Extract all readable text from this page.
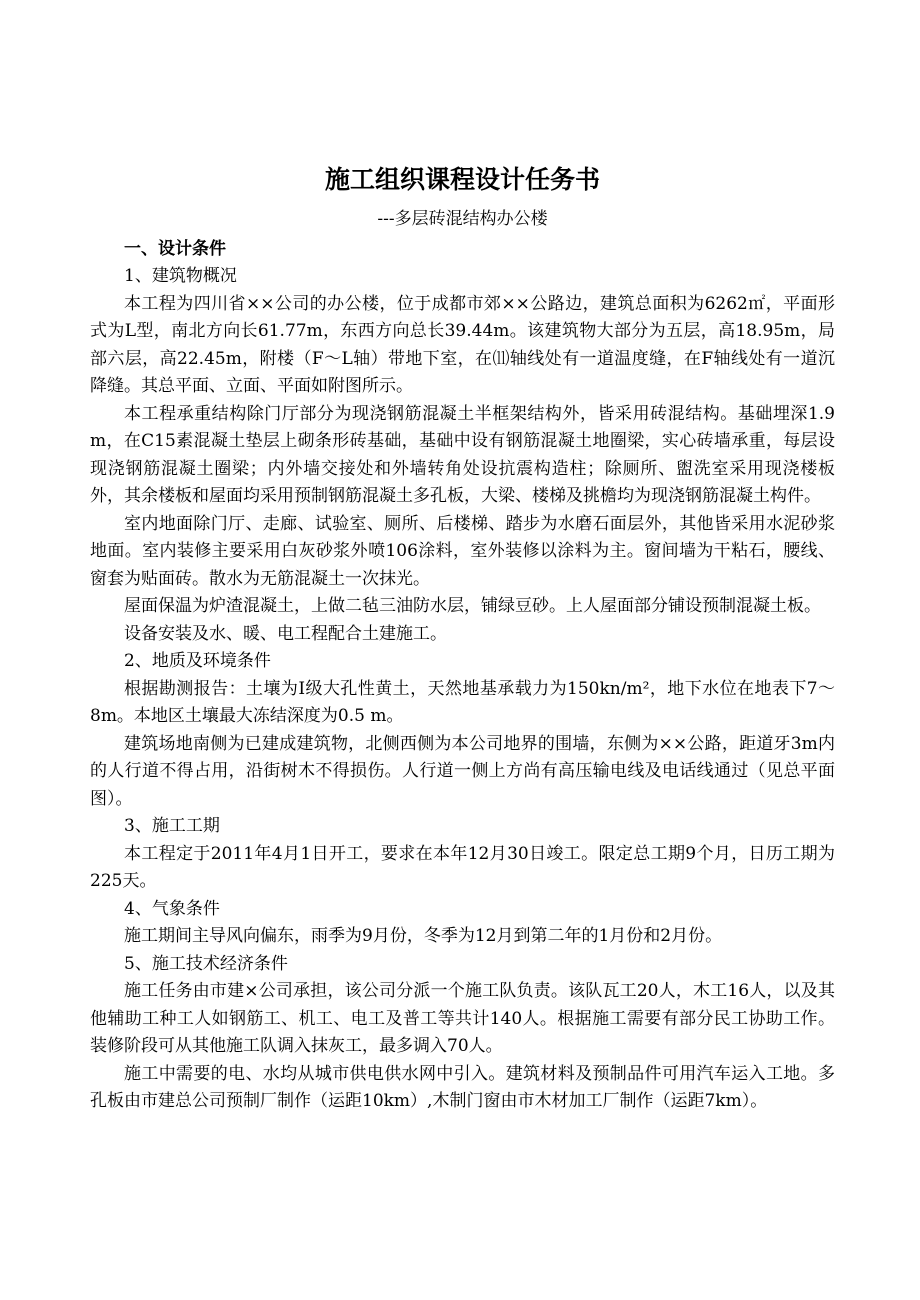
施工组织课程设计任务书
---多层砖混结构办公楼
一、设计条件
1、建筑物概况

本工程为四川省××公司的办公楼，位于成都市郊××公路边，建筑总面积为6262㎡，平面形式为L型，南北方向长61.77m，东西方向总长39.44m。该建筑物大部分为五层，高18.95m，局部六层，高22.45m，附楼（F～L轴）带地下室，在⑾轴线处有一道温度缝，在F轴线处有一道沉降缝。其总平面、立面、平面如附图所示。

本工程承重结构除门厅部分为现浇钢筋混凝土半框架结构外，皆采用砖混结构。基础埋深1.9 m，在C15素混凝土垫层上砌条形砖基础，基础中设有钢筋混凝土地圈梁，实心砖墙承重，每层设现浇钢筋混凝土圈梁；内外墙交接处和外墙转角处设抗震构造柱；除厕所、盥洗室采用现浇楼板外，其余楼板和屋面均采用预制钢筋混凝土多孔板，大梁、楼梯及挑檐均为现浇钢筋混凝土构件。

室内地面除门厅、走廊、试验室、厕所、后楼梯、踏步为水磨石面层外，其他皆采用水泥砂浆地面。室内装修主要采用白灰砂浆外喷106涂料，室外装修以涂料为主。窗间墙为干粘石，腰线、窗套为贴面砖。散水为无筋混凝土一次抹光。

屋面保温为炉渣混凝土，上做二毡三油防水层，铺绿豆砂。上人屋面部分铺设预制混凝土板。

设备安装及水、暖、电工程配合土建施工。

2、地质及环境条件

根据勘测报告：土壤为Ⅰ级大孔性黄土，天然地基承载力为150kn/m²，地下水位在地表下7～8m。本地区土壤最大冻结深度为0.5 m。

建筑场地南侧为已建成建筑物，北侧西侧为本公司地界的围墙，东侧为××公路，距道牙3m内的人行道不得占用，沿街树木不得损伤。人行道一侧上方尚有高压输电线及电话线通过（见总平面图）。

3、施工工期

本工程定于2011年4月1日开工，要求在本年12月30日竣工。限定总工期9个月，日历工期为225天。

4、气象条件

施工期间主导风向偏东，雨季为9月份，冬季为12月到第二年的1月份和2月份。

5、施工技术经济条件

施工任务由市建×公司承担，该公司分派一个施工队负责。该队瓦工20人，木工16人，以及其他辅助工种工人如钢筋工、机工、电工及普工等共计140人。根据施工需要有部分民工协助工作。装修阶段可从其他施工队调入抹灰工，最多调入70人。

施工中需要的电、水均从城市供电供水网中引入。建筑材料及预制品件可用汽车运入工地。多孔板由市建总公司预制厂制作（运距10km）,木制门窗由市木材加工厂制作（运距7km）。
